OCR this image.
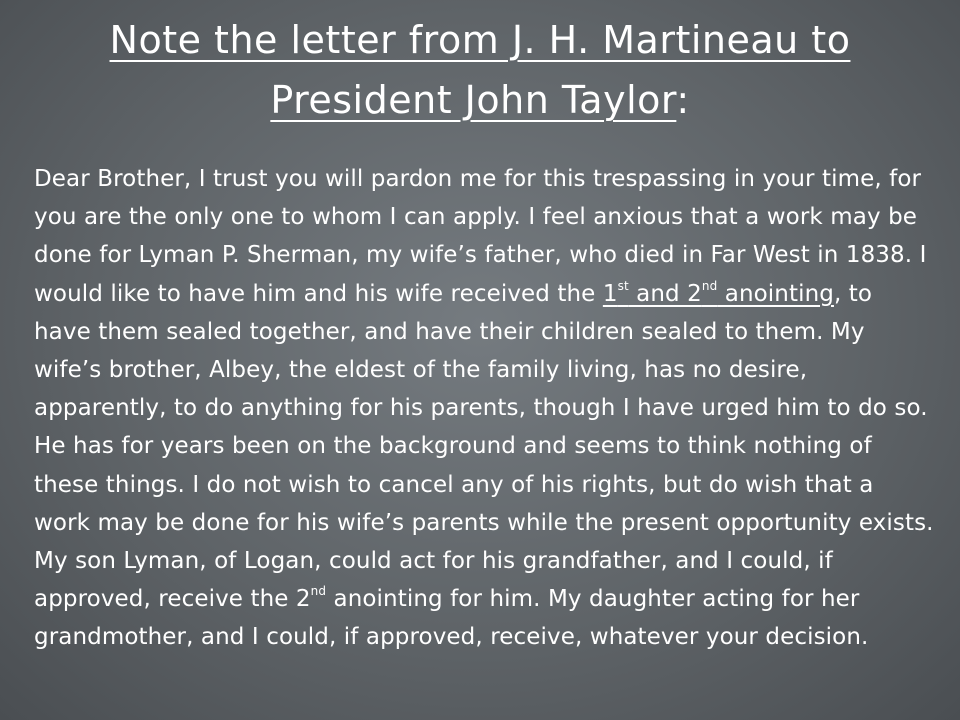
Note the letter from J. H. Martineau to
President John Taylor:

Dear Brother, I trust you will pardon me for this trespassing in your time, for you are the only one to whom I can apply. I feel anxious that a work may be done for Lyman P. Sherman, my wife’s father, who died in Far West in 1838. I would like to have him and his wife received the 1st and 2nd anointing, to have them sealed together, and have their children sealed to them. My wife’s brother, Albey, the eldest of the family living, has no desire, apparently, to do anything for his parents, though I have urged him to do so. He has for years been on the background and seems to think nothing of these things. I do not wish to cancel any of his rights, but do wish that a work may be done for his wife’s parents while the present opportunity exists. My son Lyman, of Logan, could act for his grandfather, and I could, if approved, receive the 2nd anointing for him. My daughter acting for her grandmother, and I could, if approved, receive, whatever your decision.
